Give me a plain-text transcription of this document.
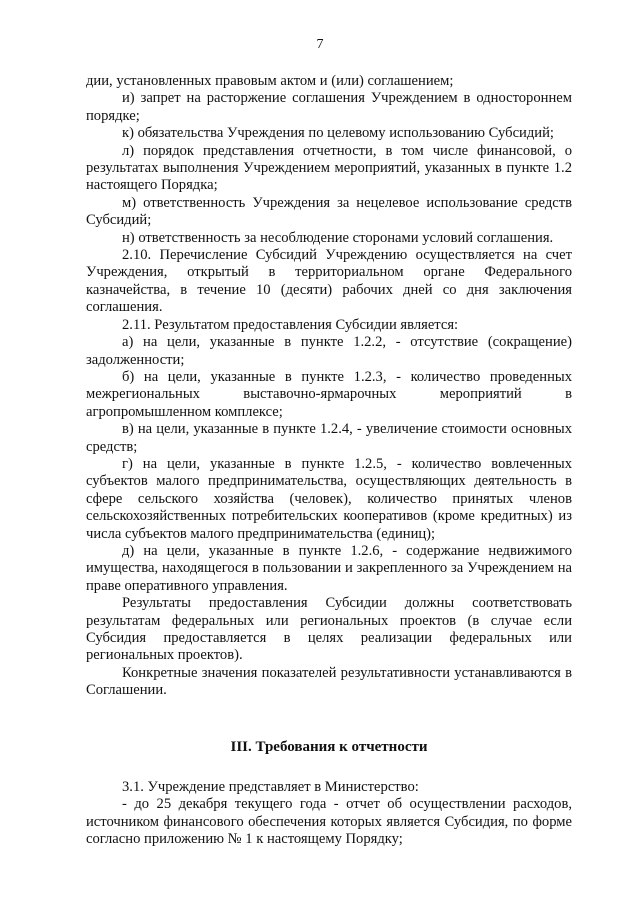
7

дии, установленных правовым актом и (или) соглашением;

и) запрет на расторжение соглашения Учреждением в одностороннем порядке;

к) обязательства Учреждения по целевому использованию Субсидий;

л) порядок представления отчетности, в том числе финансовой, о результатах выполнения Учреждением мероприятий, указанных в пункте 1.2 настоящего Порядка;

м) ответственность Учреждения за нецелевое использование средств Субсидий;

н) ответственность за несоблюдение сторонами условий соглашения.

2.10. Перечисление Субсидий Учреждению осуществляется на счет Учреждения, открытый в территориальном органе Федерального казначейства, в течение 10 (десяти) рабочих дней со дня заключения соглашения.

2.11. Результатом предоставления Субсидии является:

а) на цели, указанные в пункте 1.2.2, - отсутствие (сокращение) задолженности;

б) на цели, указанные в пункте 1.2.3, - количество проведенных межрегиональных выставочно-ярмарочных мероприятий в агропромышленном комплексе;

в) на цели, указанные в пункте 1.2.4, - увеличение стоимости основных средств;

г) на цели, указанные в пункте 1.2.5, - количество вовлеченных субъектов малого предпринимательства, осуществляющих деятельность в сфере сельского хозяйства (человек), количество принятых членов сельскохозяйственных потребительских кооперативов (кроме кредитных) из числа субъектов малого предпринимательства (единиц);

д) на цели, указанные в пункте 1.2.6, - содержание недвижимого имущества, находящегося в пользовании и закрепленного за Учреждением на праве оперативного управления.

Результаты предоставления Субсидии должны соответствовать результатам федеральных или региональных проектов (в случае если Субсидия предоставляется в целях реализации федеральных или региональных проектов).

Конкретные значения показателей результативности устанавливаются в Соглашении.

III. Требования к отчетности

3.1. Учреждение представляет в Министерство:

- до 25 декабря текущего года - отчет об осуществлении расходов, источником финансового обеспечения которых является Субсидия, по форме согласно приложению № 1 к настоящему Порядку;
